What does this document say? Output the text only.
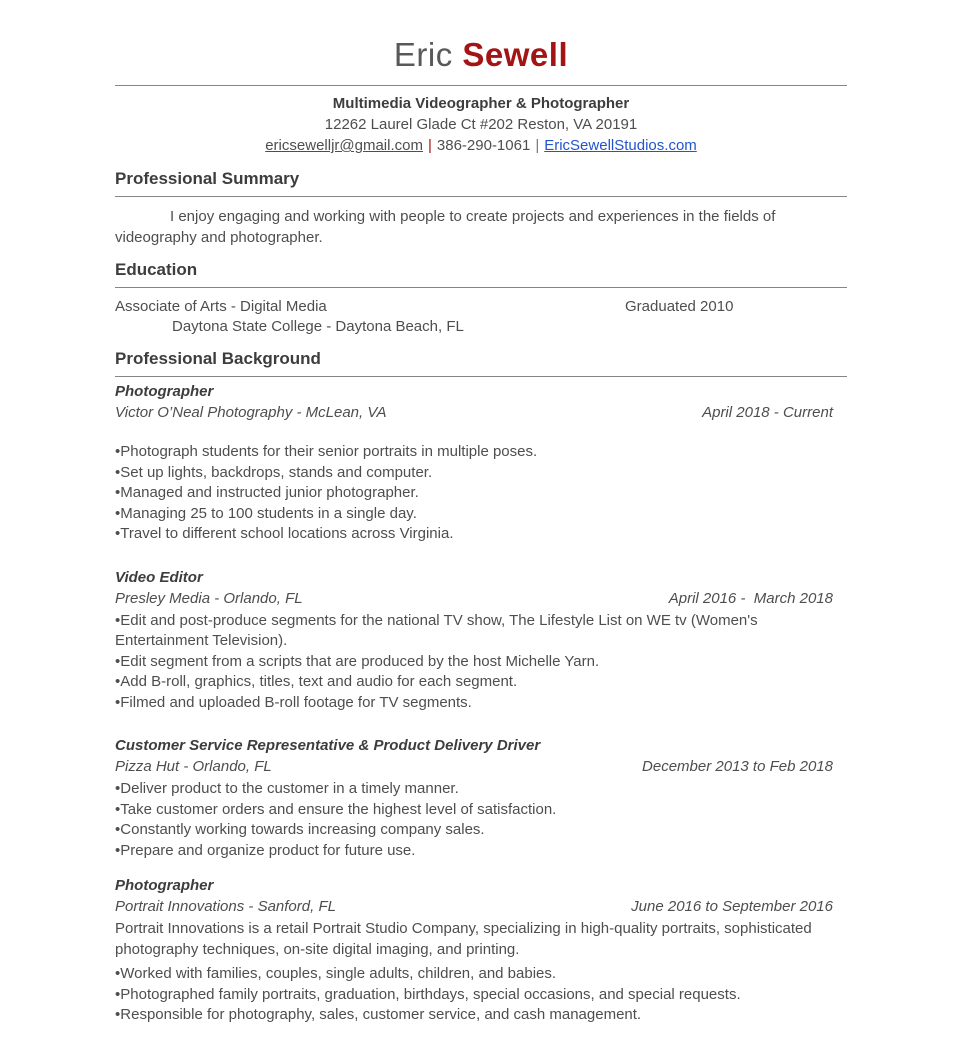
Eric Sewell
Multimedia Videographer & Photographer
12262 Laurel Glade Ct #202 Reston, VA 20191
ericsewelljr@gmail.com | 386-290-1061 | EricSewellStudios.com
Professional Summary

I enjoy engaging and working with people to create projects and experiences in the fields of videography and photographer.

Education
Associate of Arts - Digital Media	Graduated 2010
Daytona State College - Daytona Beach, FL
Professional Background
Photographer
Victor O’Neal Photography - McLean, VA	April 2018 - Current
• Photograph students for their senior portraits in multiple poses.
• Set up lights, backdrops, stands and computer.
• Managed and instructed junior photographer.
• Managing 25 to 100 students in a single day.
• Travel to different school locations across Virginia.
Video Editor
Presley Media - Orlando, FL	April 2016 -  March 2018
• Edit and post-produce segments for the national TV show, The Lifestyle List on WE tv (Women's Entertainment Television).
• Edit segment from a scripts that are produced by the host Michelle Yarn.
• Add B-roll, graphics, titles, text and audio for each segment.
• Filmed and uploaded B-roll footage for TV segments.
Customer Service Representative & Product Delivery Driver
Pizza Hut - Orlando, FL	December 2013 to Feb 2018
• Deliver product to the customer in a timely manner.
• Take customer orders and ensure the highest level of satisfaction.
• Constantly working towards increasing company sales.
• Prepare and organize product for future use.
Photographer
Portrait Innovations - Sanford, FL	June 2016 to September 2016

Portrait Innovations is a retail Portrait Studio Company, specializing in high-quality portraits, sophisticated photography techniques, on-site digital imaging, and printing.

• Worked with families, couples, single adults, children, and babies.
• Photographed family portraits, graduation, birthdays, special occasions, and special requests.
• Responsible for photography, sales, customer service, and cash management.
